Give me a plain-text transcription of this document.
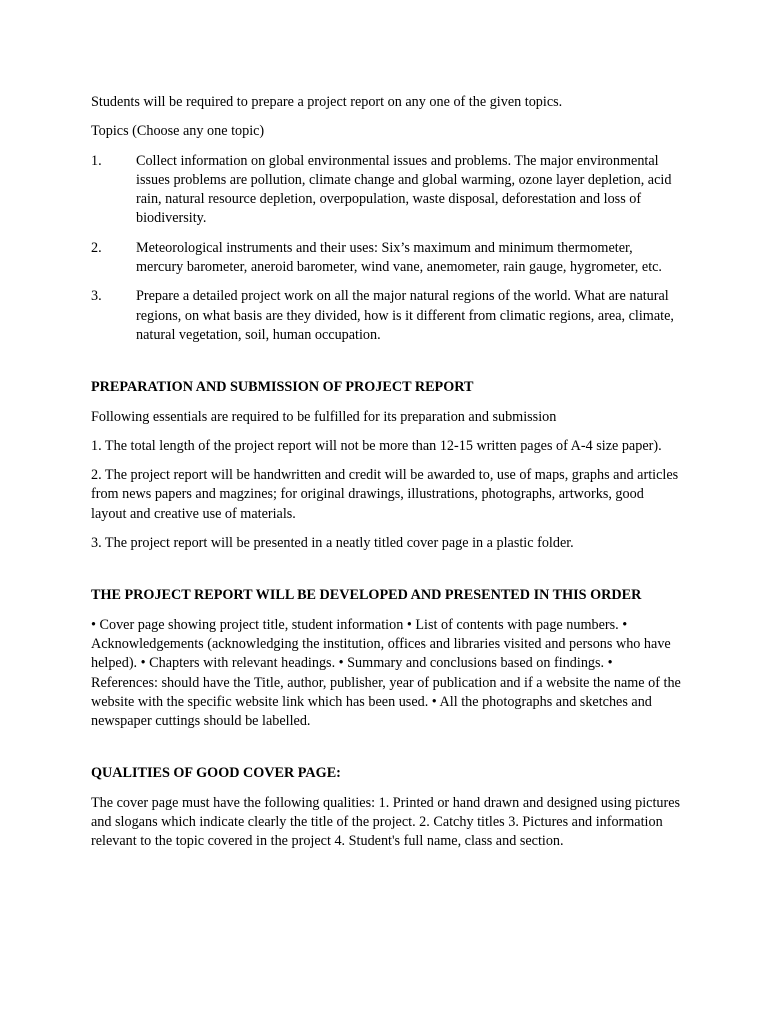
Students will be required to prepare a project report on any one of the given topics.

Topics (Choose any one topic)

1.	Collect information on global environmental issues and problems. The major environmental issues problems are pollution, climate change and global warming, ozone layer depletion, acid rain, natural resource depletion, overpopulation, waste disposal, deforestation and loss of biodiversity.
2.	Meteorological instruments and their uses: Six’s maximum and minimum thermometer, mercury barometer, aneroid barometer, wind vane, anemometer, rain gauge, hygrometer, etc.
3.	Prepare a detailed project work on all the major natural regions of the world. What are natural regions, on what basis are they divided, how is it different from climatic regions, area, climate, natural vegetation, soil, human occupation.

PREPARATION AND SUBMISSION OF PROJECT REPORT

Following essentials are required to be fulfilled for its preparation and submission

1. The total length of the project report will not be more than 12-15 written pages of A-4 size paper).

2. The project report will be handwritten and credit will be awarded to, use of maps, graphs and articles from news papers and magzines; for original drawings, illustrations, photographs, artworks, good layout and creative use of materials.

3. The project report will be presented in a neatly titled cover page in a plastic folder.

THE PROJECT REPORT WILL BE DEVELOPED AND PRESENTED IN THIS ORDER

• Cover page showing project title, student information • List of contents with page numbers. • Acknowledgements (acknowledging the institution, offices and libraries visited and persons who have helped). • Chapters with relevant headings. • Summary and conclusions based on findings. • References: should have the Title, author, publisher, year of publication and if a website the name of the website with the specific website link which has been used. • All the photographs and sketches and newspaper cuttings should be labelled.

QUALITIES OF GOOD COVER PAGE:

The cover page must have the following qualities: 1. Printed or hand drawn and designed using pictures and slogans which indicate clearly the title of the project. 2. Catchy titles 3. Pictures and information relevant to the topic covered in the project 4. Student's full name, class and section.
